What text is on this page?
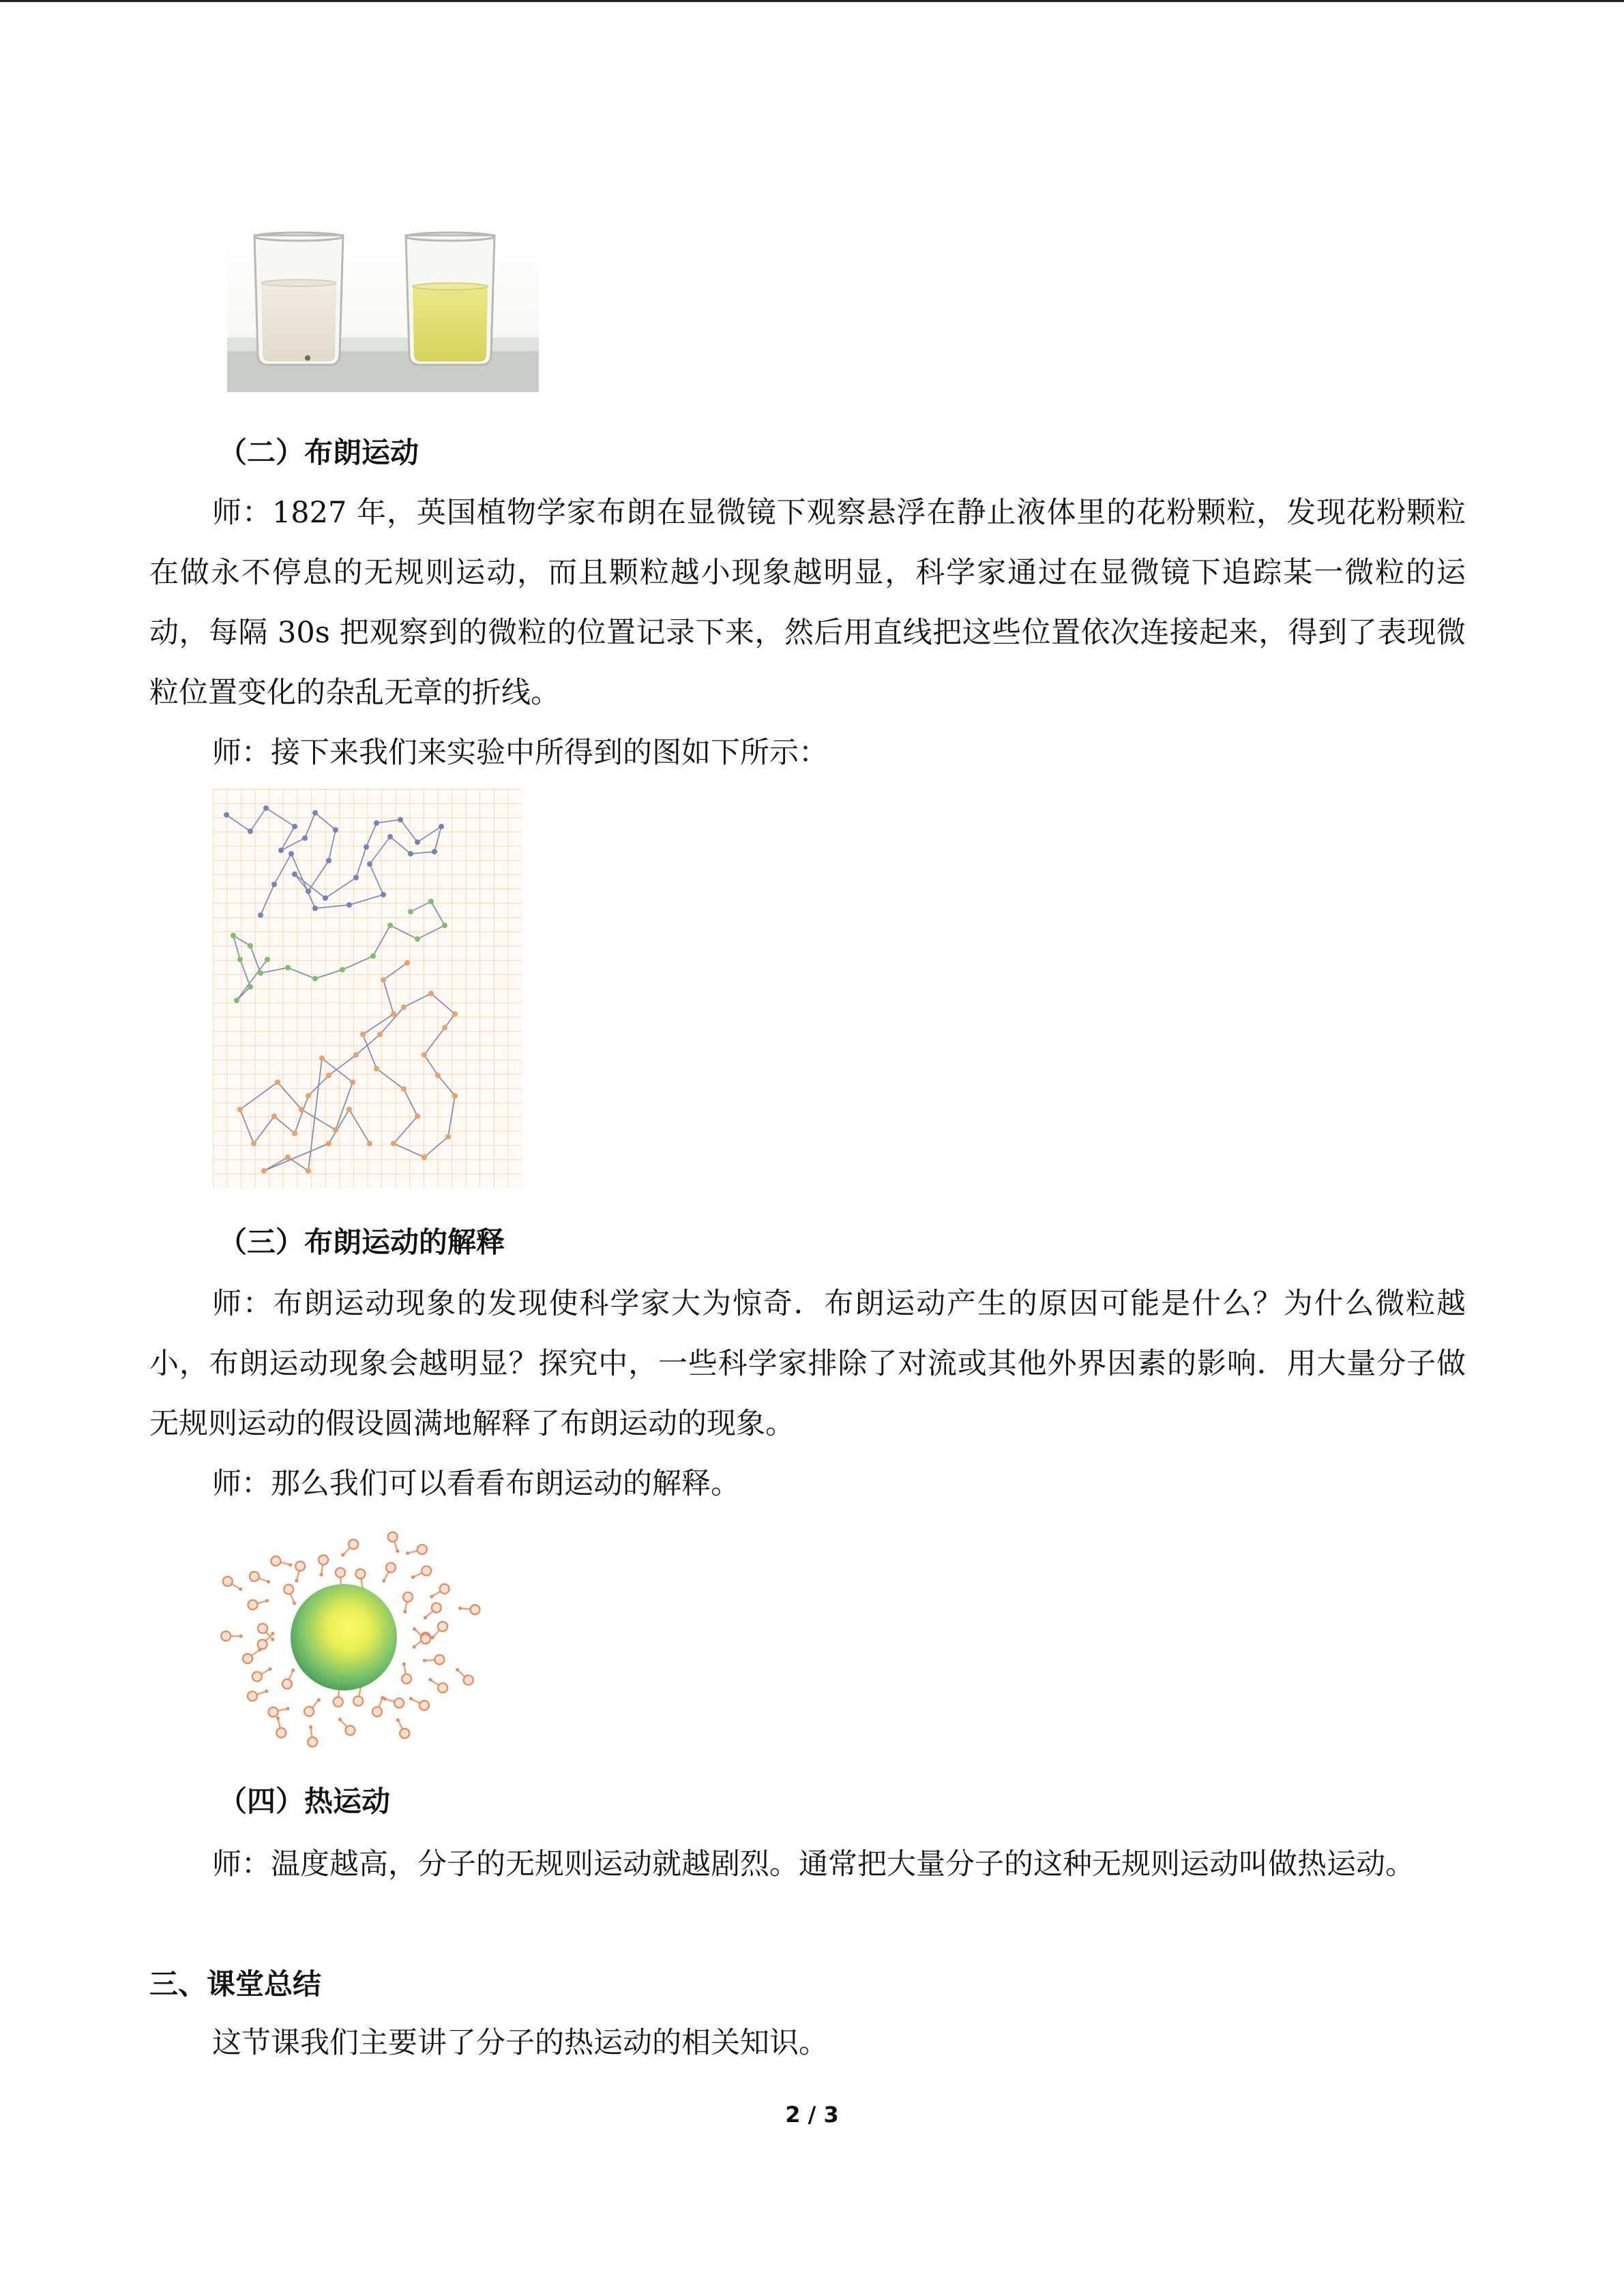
（二）布朗运动

师：1827 年，英国植物学家布朗在显微镜下观察悬浮在静止液体里的花粉颗粒，发现花粉颗粒在做永不停息的无规则运动，而且颗粒越小现象越明显，科学家通过在显微镜下追踪某一微粒的运动，每隔 30s 把观察到的微粒的位置记录下来，然后用直线把这些位置依次连接起来，得到了表现微粒位置变化的杂乱无章的折线。

师：接下来我们来实验中所得到的图如下所示：

（三）布朗运动的解释

师：布朗运动现象的发现使科学家大为惊奇．布朗运动产生的原因可能是什么？为什么微粒越小，布朗运动现象会越明显？探究中，一些科学家排除了对流或其他外界因素的影响．用大量分子做无规则运动的假设圆满地解释了布朗运动的现象。

师：那么我们可以看看布朗运动的解释。

（四）热运动

师：温度越高，分子的无规则运动就越剧烈。通常把大量分子的这种无规则运动叫做热运动。

三、课堂总结

这节课我们主要讲了分子的热运动的相关知识。

2 / 3
